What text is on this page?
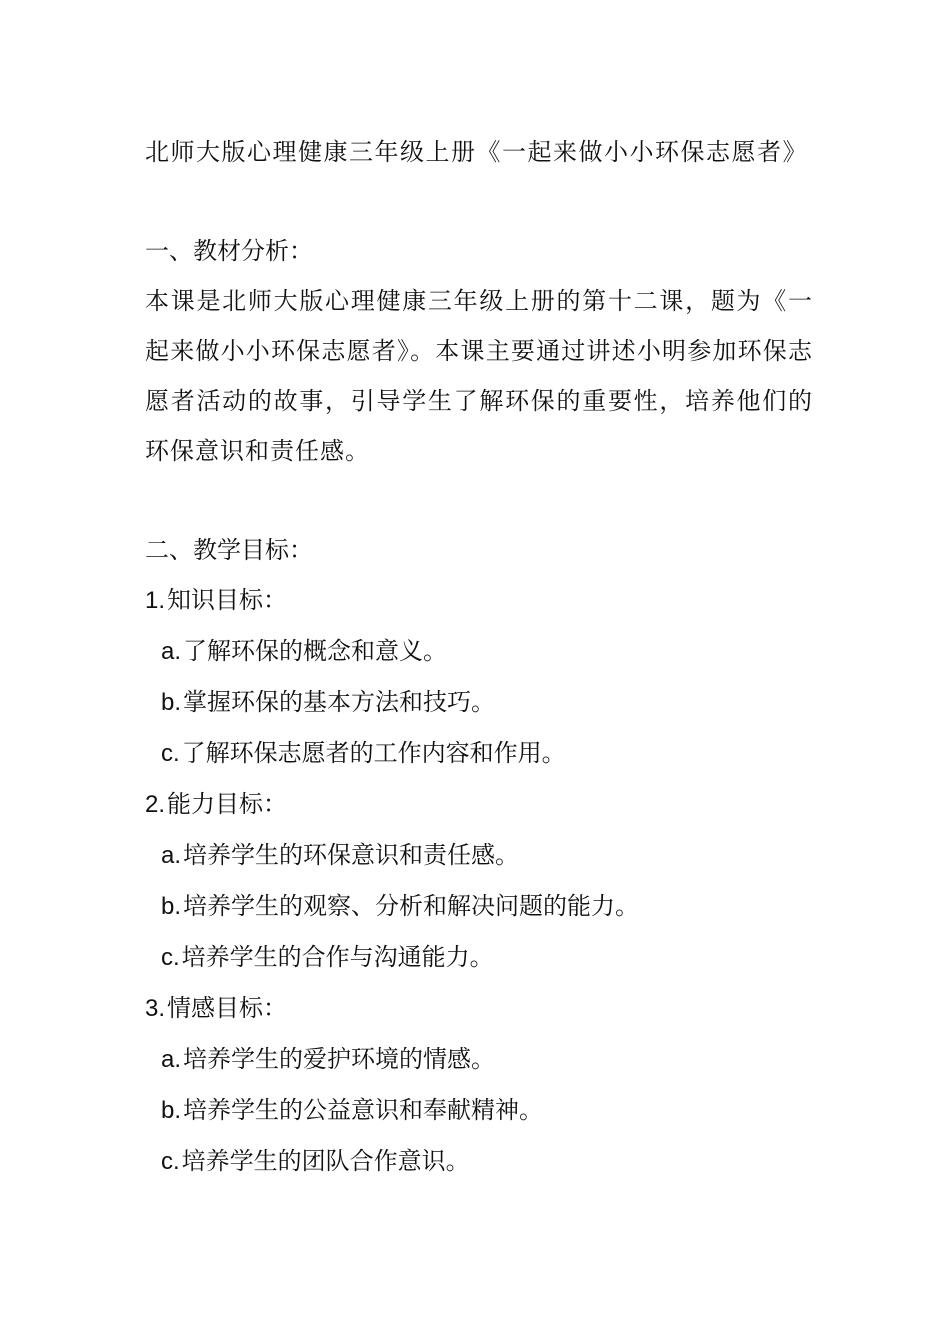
北师大版心理健康三年级上册《一起来做小小环保志愿者》
一、教材分析：

本课是北师大版心理健康三年级上册的第十二课，题为《一起来做小小环保志愿者》。本课主要通过讲述小明参加环保志愿者活动的故事，引导学生了解环保的重要性，培养他们的环保意识和责任感。

二、教学目标：

1.知识目标：

a.了解环保的概念和意义。

b.掌握环保的基本方法和技巧。

c.了解环保志愿者的工作内容和作用。

2.能力目标：

a.培养学生的环保意识和责任感。

b.培养学生的观察、分析和解决问题的能力。

c.培养学生的合作与沟通能力。

3.情感目标：

a.培养学生的爱护环境的情感。

b.培养学生的公益意识和奉献精神。

c.培养学生的团队合作意识。
